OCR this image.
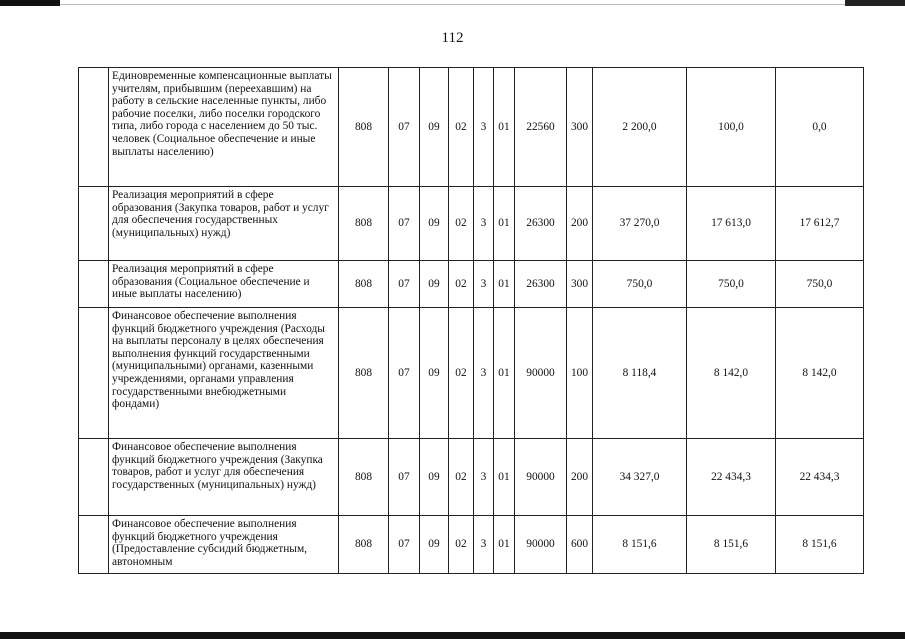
112
	Единовременные компенсационные выплаты учителям, прибывшим (переехавшим) на работу в сельские населенные пункты, либо рабочие поселки, либо поселки городского типа, либо города с населением до 50 тыс. человек (Социальное обеспечение и иные выплаты населению)	808	07	09	02	3	01	22560	300	2 200,0	100,0	0,0
	Реализация мероприятий в сфере образования (Закупка товаров, работ и услуг для обеспечения государственных (муниципальных) нужд)	808	07	09	02	3	01	26300	200	37 270,0	17 613,0	17 612,7
	Реализация мероприятий в сфере образования (Социальное обеспечение и иные выплаты населению)	808	07	09	02	3	01	26300	300	750,0	750,0	750,0
	Финансовое обеспечение выполнения функций бюджетного учреждения (Расходы на выплаты персоналу в целях обеспечения выполнения функций государственными (муниципальными) органами, казенными учреждениями, органами управления государственными внебюджетными фондами)	808	07	09	02	3	01	90000	100	8 118,4	8 142,0	8 142,0
	Финансовое обеспечение выполнения функций бюджетного учреждения (Закупка товаров, работ и услуг для обеспечения государственных (муниципальных) нужд)	808	07	09	02	3	01	90000	200	34 327,0	22 434,3	22 434,3
	Финансовое обеспечение выполнения функций бюджетного учреждения (Предоставление субсидий бюджетным, автономным	808	07	09	02	3	01	90000	600	8 151,6	8 151,6	8 151,6
